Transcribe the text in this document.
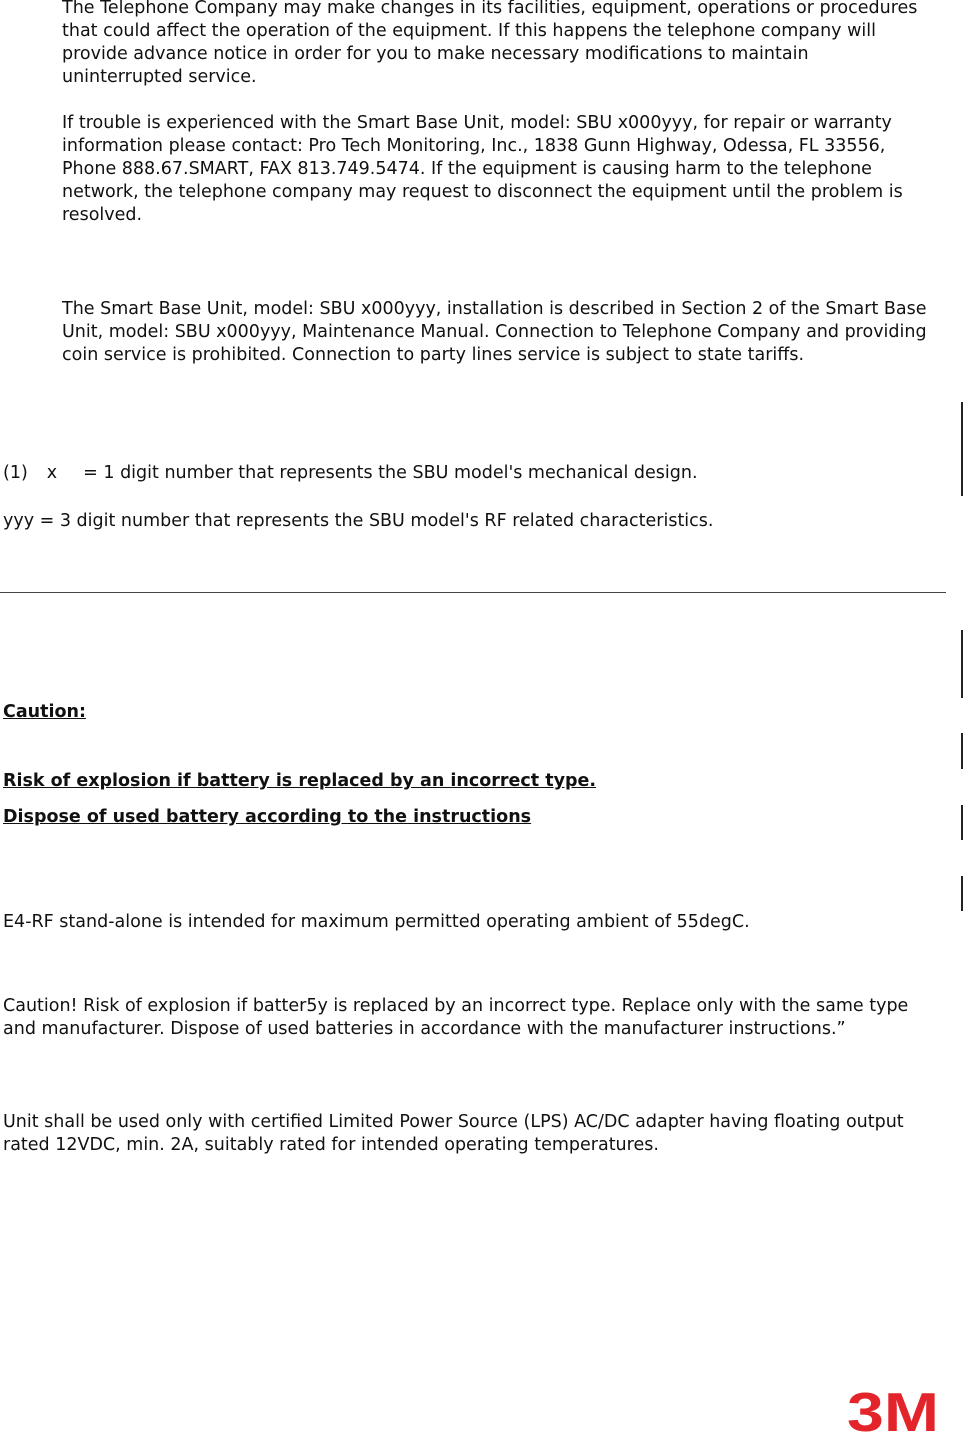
The Telephone Company may make changes in its facilities, equipment, operations or procedures that could affect the operation of the equipment. If this happens the telephone company will provide advance notice in order for you to make necessary modifications to maintain uninterrupted service.

If trouble is experienced with the Smart Base Unit, model: SBU x000yyy, for repair or warranty information please contact: Pro Tech Monitoring, Inc., 1838 Gunn Highway, Odessa, FL 33556, Phone 888.67.SMART, FAX 813.749.5474. If the equipment is causing harm to the telephone network, the telephone company may request to disconnect the equipment until the problem is resolved.

The Smart Base Unit, model: SBU x000yyy, installation is described in Section 2 of the Smart Base Unit, model: SBU x000yyy, Maintenance Manual. Connection to Telephone Company and providing coin service is prohibited. Connection to party lines service is subject to state tariffs.

(1) x = 1 digit number that represents the SBU model's mechanical design.

yyy = 3 digit number that represents the SBU model's RF related characteristics.

Caution:

Risk of explosion if battery is replaced by an incorrect type.

Dispose of used battery according to the instructions

E4-RF stand-alone is intended for maximum permitted operating ambient of 55degC.

Caution! Risk of explosion if batter5y is replaced by an incorrect type. Replace only with the same type and manufacturer. Dispose of used batteries in accordance with the manufacturer instructions.”

Unit shall be used only with certified Limited Power Source (LPS) AC/DC adapter having floating output rated 12VDC, min. 2A, suitably rated for intended operating temperatures.

3M
